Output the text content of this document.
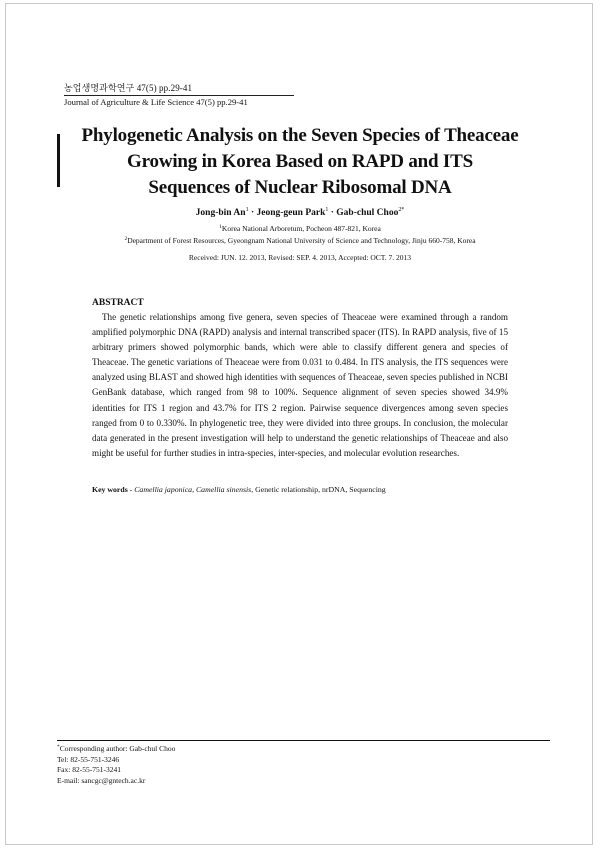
농업생명과학연구 47(5) pp.29-41
Journal of Agriculture & Life Science 47(5) pp.29-41
Phylogenetic Analysis on the Seven Species of Theaceae
Growing in Korea Based on RAPD and ITS
Sequences of Nuclear Ribosomal DNA
Jong-bin $An^1$ · Jeong-geun Park$^1$ · Gab-chul Choo$^{2*}$
$^1$Korea National Arboretum, Pocheon 487-821, Korea
$^2$Department of Forest Resources, Gyeongnam National University of Science and Technology, Jinju 660-758, Korea
Received: JUN. 12. 2013, Revised: SEP. 4. 2013, Accepted: OCT. 7. 2013
ABSTRACT
The genetic relationships among five genera, seven species of Theaceae were examined through a random amplified polymorphic DNA (RAPD) analysis and internal transcribed spacer (ITS). In RAPD analysis, five of 15 arbitrary primers showed polymorphic bands, which were able to classify different genera and species of Theaceae. The genetic variations of Theaceae were from 0.031 to 0.484. In ITS analysis, the ITS sequences were analyzed using BLAST and showed high identities with sequences of Theaceae, seven species published in NCBI GenBank database, which ranged from 98 to 100%. Sequence alignment of seven species showed 34.9% identities for ITS 1 region and 43.7% for ITS 2 region. Pairwise sequence divergences among seven species ranged from 0 to 0.330%. In phylogenetic tree, they were divided into three groups. In conclusion, the molecular data generated in the present investigation will help to understand the genetic relationships of Theaceae and also might be useful for further studies in intra-species, inter-species, and molecular evolution researches.
Key words - Camellia japonica, Camellia sinensis, Genetic relationship, nrDNA, Sequencing
*Corresponding author: Gab-chul Choo
Tel: 82-55-751-3246
Fax: 82-55-751-3241
E-mail: sancgc@gntech.ac.kr
